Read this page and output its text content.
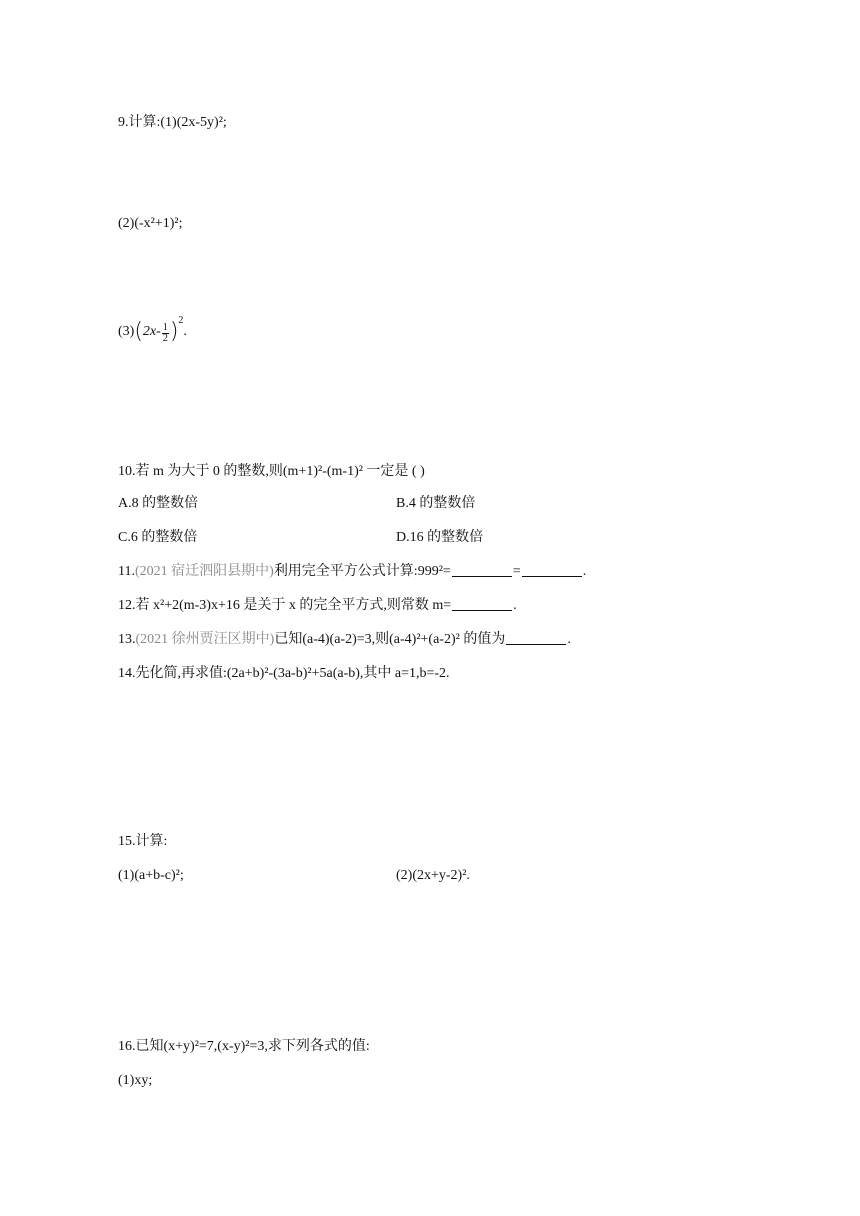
9.计算:(1)(2x-5y)²;
(2)(-x²+1)²;
$(3)(2x- \frac{1}{2} )^2$.
10.若 m 为大于 0 的整数,则(m+1)²-(m-1)² 一定是 ( )
A.8 的整数倍	B.4 的整数倍
C.6 的整数倍	D.16 的整数倍
11.(2021 宿迁泗阳县期中)利用完全平方公式计算:999²=	=	.
12.若 x²+2(m-3)x+16 是关于 x 的完全平方式,则常数 m=	.
13.(2021 徐州贾汪区期中)已知(a-4)(a-2)=3,则(a-4)²+(a-2)² 的值为	.
14.先化简,再求值:(2a+b)²-(3a-b)²+5a(a-b),其中 a=1,b=-2.
15.计算:
(1)(a+b-c)²;	(2)(2x+y-2)².
16.已知(x+y)²=7,(x-y)²=3,求下列各式的值:
(1)xy;
